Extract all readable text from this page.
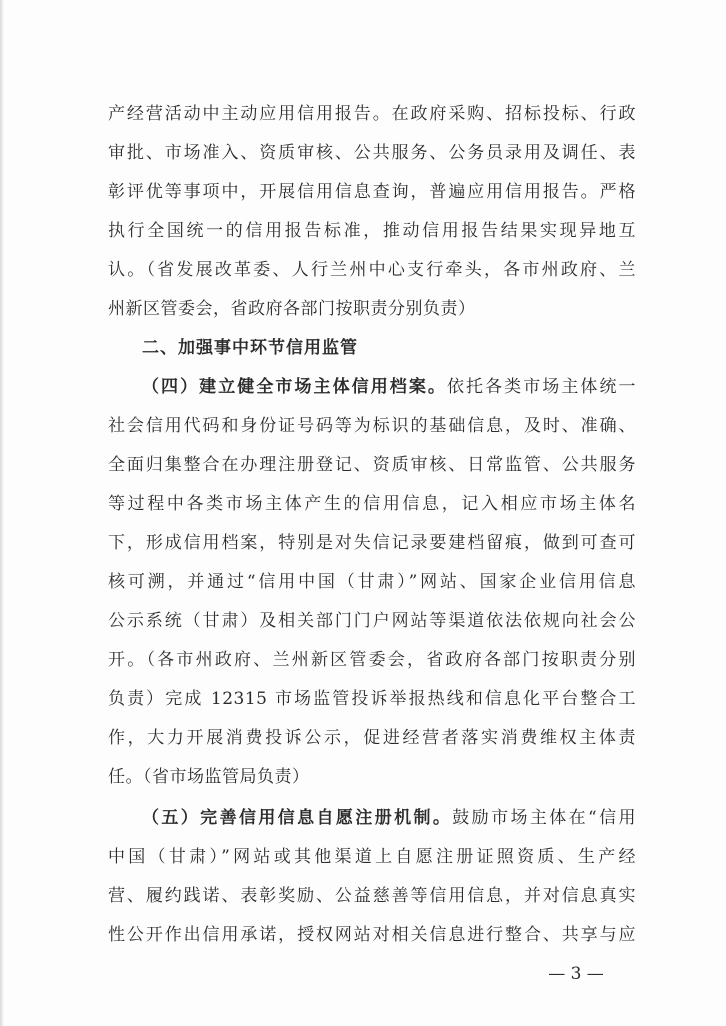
产经营活动中主动应用信用报告。在政府采购、招标投标、行政
审批、市场准入、资质审核、公共服务、公务员录用及调任、表
彰评优等事项中，开展信用信息查询，普遍应用信用报告。严格
执行全国统一的信用报告标准，推动信用报告结果实现异地互
认。（省发展改革委、人行兰州中心支行牵头，各市州政府、兰
州新区管委会，省政府各部门按职责分别负责）
二、加强事中环节信用监管
（四）建立健全市场主体信用档案。依托各类市场主体统一
社会信用代码和身份证号码等为标识的基础信息，及时、准确、
全面归集整合在办理注册登记、资质审核、日常监管、公共服务
等过程中各类市场主体产生的信用信息，记入相应市场主体名
下，形成信用档案，特别是对失信记录要建档留痕，做到可查可
核可溯，并通过“信用中国（甘肃）”网站、国家企业信用信息
公示系统（甘肃）及相关部门门户网站等渠道依法依规向社会公
开。（各市州政府、兰州新区管委会，省政府各部门按职责分别
负责）完成 12315 市场监管投诉举报热线和信息化平台整合工
作，大力开展消费投诉公示，促进经营者落实消费维权主体责
任。（省市场监管局负责）
（五）完善信用信息自愿注册机制。鼓励市场主体在“信用
中国（甘肃）”网站或其他渠道上自愿注册证照资质、生产经
营、履约践诺、表彰奖励、公益慈善等信用信息，并对信息真实
性公开作出信用承诺，授权网站对相关信息进行整合、共享与应
— 3 —
